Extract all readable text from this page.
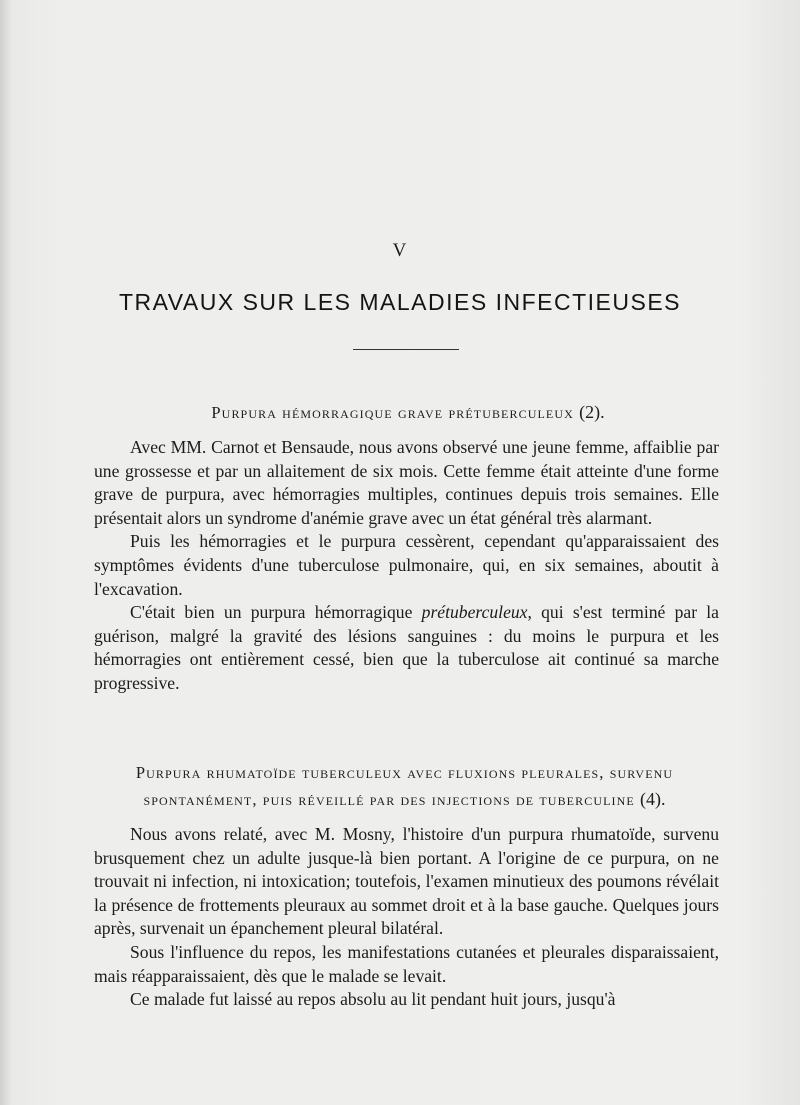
V
TRAVAUX SUR LES MALADIES INFECTIEUSES

Purpura hémorragique grave prétuberculeux (2).

Avec MM. Carnot et Bensaude, nous avons observé une jeune femme, affaiblie par une grossesse et par un allaitement de six mois. Cette femme était atteinte d'une forme grave de purpura, avec hémorragies multiples, continues depuis trois semaines. Elle présentait alors un syndrome d'anémie grave avec un état général très alarmant.

Puis les hémorragies et le purpura cessèrent, cependant qu'apparaissaient des symptômes évidents d'une tuberculose pulmonaire, qui, en six semaines, aboutit à l'excavation.

C'était bien un purpura hémorragique prétuberculeux, qui s'est terminé par la guérison, malgré la gravité des lésions sanguines : du moins le purpura et les hémorragies ont entièrement cessé, bien que la tuberculose ait continué sa marche progressive.

Purpura rhumatoïde tuberculeux avec fluxions pleurales, survenu
spontanément, puis réveillé par des injections de tuberculine (4).

Nous avons relaté, avec M. Mosny, l'histoire d'un purpura rhumatoïde, survenu brusquement chez un adulte jusque-là bien portant. A l'origine de ce purpura, on ne trouvait ni infection, ni intoxication; toutefois, l'examen minutieux des poumons révélait la présence de frottements pleuraux au sommet droit et à la base gauche. Quelques jours après, survenait un épanchement pleural bilatéral.

Sous l'influence du repos, les manifestations cutanées et pleurales disparaissaient, mais réapparaissaient, dès que le malade se levait.

Ce malade fut laissé au repos absolu au lit pendant huit jours, jusqu'à
